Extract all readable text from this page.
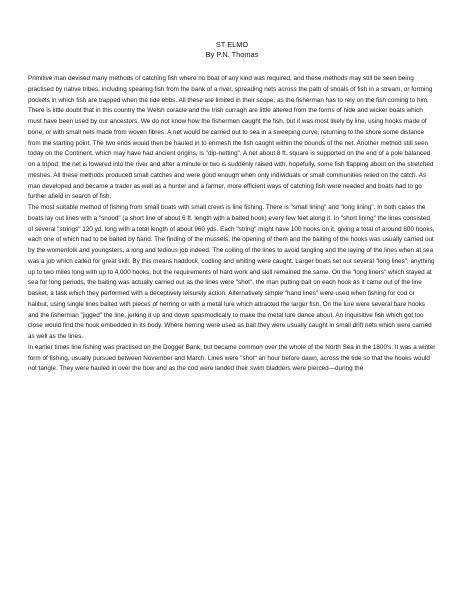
ST ELMO

By P.N. Thomas

Primitive man devised many methods of catching fish where no boat of any kind was required, and these methods may still be seen being practised by native tribes, including spearing fish from the bank of a river, spreading nets across the path of shoals of fish in a stream, or forming pockets in which fish are trapped when the tide ebbs. All these are limited in their scope, as the fisherman has to rely on the fish coming to him.

There is little doubt that in this country the Welsh coracle and the Irish curragh are little altered from the forms of hide and wicker boats which must have been used by our ancestors. We do not know how the fishermen caught the fish, but it was most likely by line, using hooks made of bone, or with small nets made from woven fibres. A net would be carried out to sea in a sweeping curve, returning to the shore some distance from the starting point. The two ends would then be hauled in to enmesh the fish caught within the bounds of the net. Another method still seen today on the Continent, which may have had ancient origins, is "dip-netting". A net about 8 ft. square is supported on the end of a pole balanced on a tripod; the net is lowered into the river and after a minute or two is suddenly raised with, hopefully, some fish flapping about on the stretched meshes. All these methods produced small catches and were good enough when only individuals or small communities relied on the catch. As man developed and became a trader as well as a hunter and a farmer, more efficient ways of catching fish were needed and boats had to go further afield in search of fish.

The most suitable method of fishing from small boats with small crews is line fishing. There is "small lining" and "long lining". In both cases the boats lay out lines with a "snood" (a short line of about 6 ft. length with a baited hook) every few feet along it. In "short lining" the lines consisted of several "strings" 120 yd. long with a total length of about 960 yds. Each "string" might have 100 hooks on it, giving a total of around 800 hooks, each one of which had to be baited by hand. The finding of the mussels, the opening of them and the baiting of the hooks was usually carried out by the womenfolk and youngsters, a long and tedious job indeed. The coiling of the lines to avoid tangling and the laying of the lines when at sea was a job which called for great skill. By this means haddock, codling and whiting were caught. Larger boats set out several "long lines", anything up to two miles long with up to 4,000 hooks, but the requirements of hard work and skill remained the same. On the "long liners" which stayed at sea for long periods, the baiting was actually carried out as the lines were "shot", the man putting bait on each hook as it came out of the line basket, a task which they performed with a deceptively leisurely action. Alternatively simple "hand lines" were used when fishing for cod or halibut, using single lines baited with pieces of herring or with a metal lure which attracted the larger fish. On the lure were several bare hooks and the fisherman "jigged" the line, jerking it up and down spasmodically to make the metal lure dance about. An inquisitive fish which got too close would find the hook embedded in its body. Where herring were used as bait they were usually caught in small drift nets which were carried as well as the lines.

In earlier times line fishing was practised on the Dogger Bank, but became common over the whole of the North Sea in the 1800's. It was a winter form of fishing, usually pursued between November and March. Lines were "shot" an hour before dawn, across the tide so that the hooks would not tangle. They were hauled in over the bow and as the cod were landed their swim bladders were pierced—during the
